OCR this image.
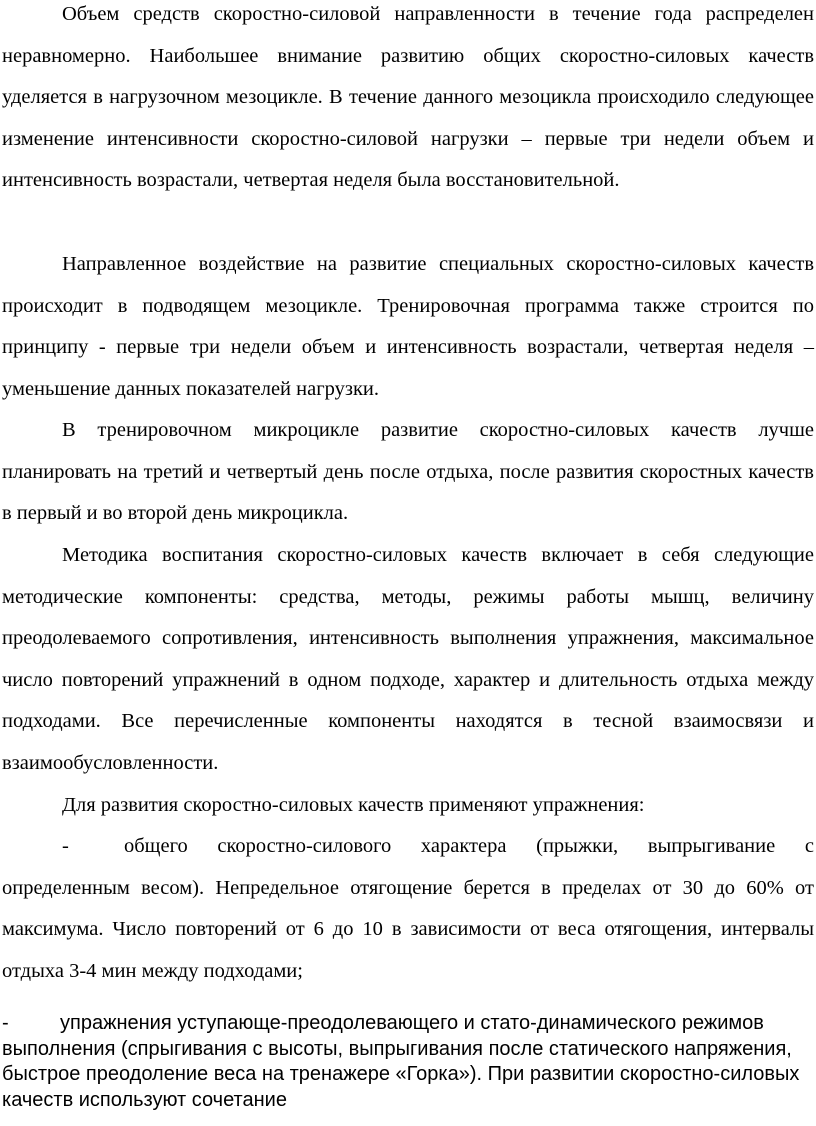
Объем средств скоростно-силовой направленности в течение года распределен неравномерно. Наибольшее внимание развитию общих скоростно-силовых качеств уделяется в нагрузочном мезоцикле. В течение данного мезоцикла происходило следующее изменение интенсивности скоростно-силовой нагрузки – первые три недели объем и интенсивность возрастали, четвертая неделя была восстановительной.

Направленное воздействие на развитие специальных скоростно-силовых качеств происходит в подводящем мезоцикле. Тренировочная программа также строится по принципу - первые три недели объем и интенсивность возрастали, четвертая неделя – уменьшение данных показателей нагрузки.

В тренировочном микроцикле развитие скоростно-силовых качеств лучше планировать на третий и четвертый день после отдыха, после развития скоростных качеств в первый и во второй день микроцикла.

Методика воспитания скоростно-силовых качеств включает в себя следующие методические компоненты: средства, методы, режимы работы мышц, величину преодолеваемого сопротивления, интенсивность выполнения упражнения, максимальное число повторений упражнений в одном подходе, характер и длительность отдыха между подходами. Все перечисленные компоненты находятся в тесной взаимосвязи и взаимообусловленности.

Для развития скоростно-силовых качеств применяют упражнения:

-	общего скоростно-силового характера (прыжки, выпрыгивание с определенным весом). Непредельное отягощение берется в пределах от 30 до 60% от максимума. Число повторений от 6 до 10 в зависимости от веса отягощения, интервалы отдыха 3-4 мин между подходами;
-	упражнения уступающе-преодолевающего и стато-динамического режимов выполнения (спрыгивания с высоты, выпрыгивания после статического напряжения, быстрое преодоление веса на тренажере «Горка»). При развитии скоростно-силовых качеств используют сочетание
